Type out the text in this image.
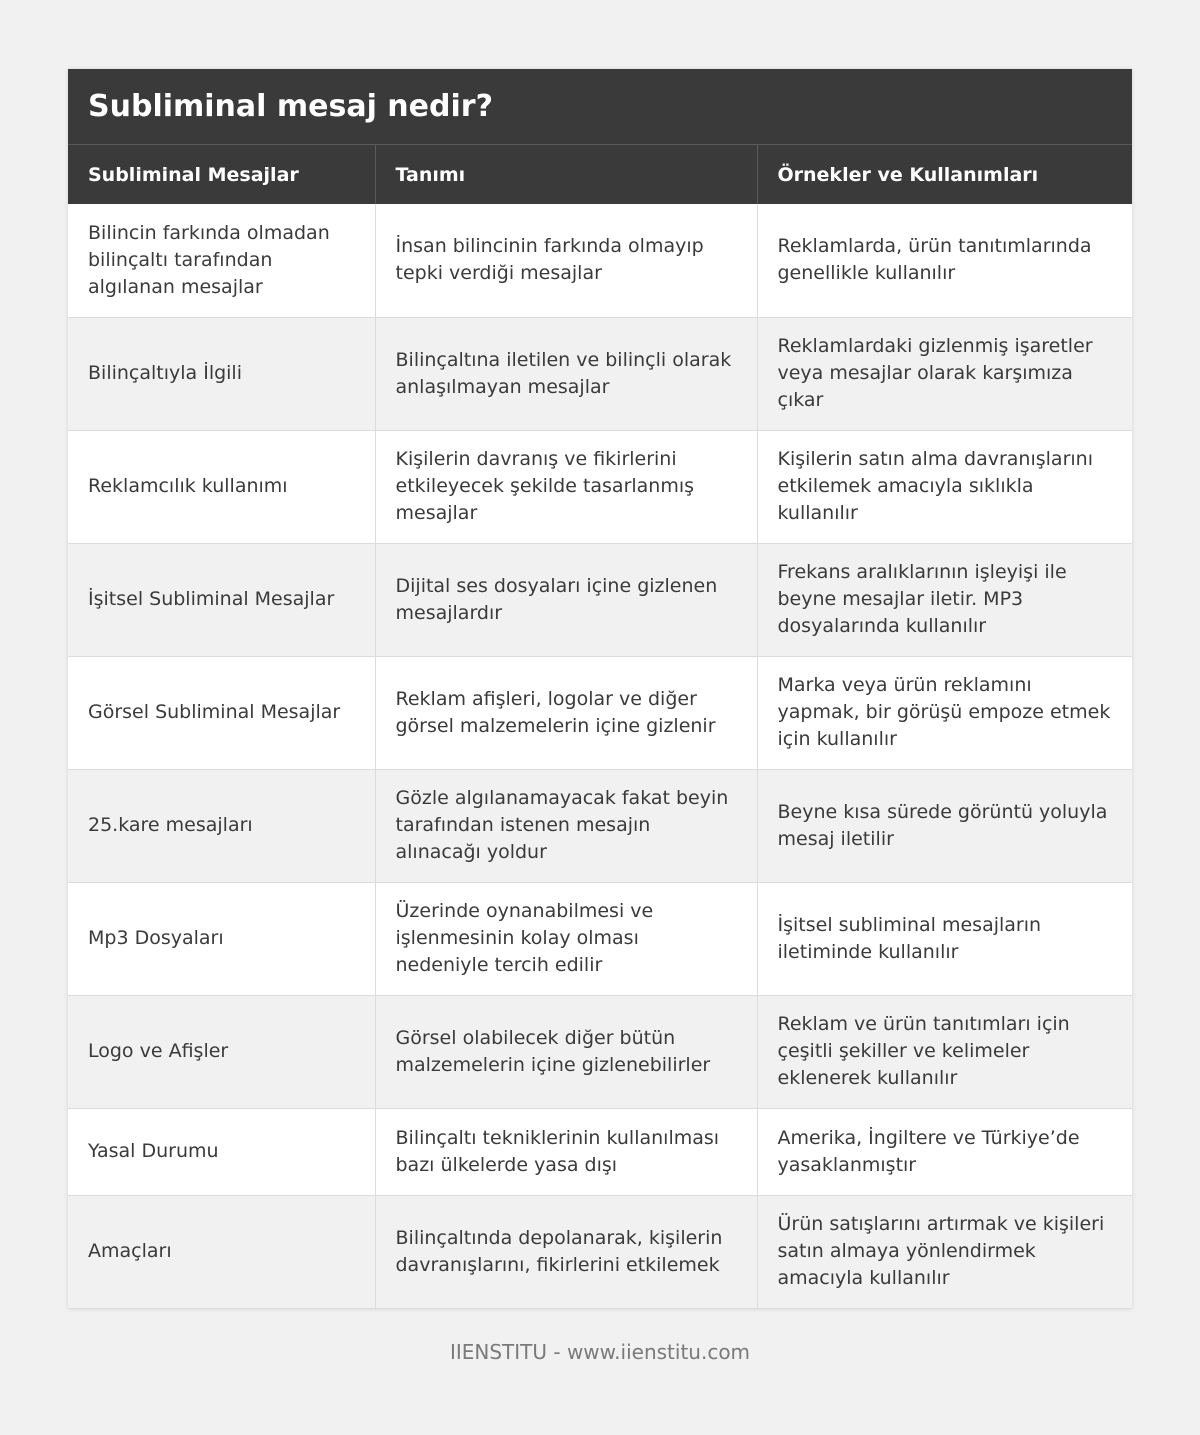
Subliminal mesaj nedir?
Subliminal Mesajlar	Tanımı	Örnekler ve Kullanımları
Bilincin farkında olmadan bilinçaltı tarafından algılanan mesajlar	İnsan bilincinin farkında olmayıp tepki verdiği mesajlar	Reklamlarda, ürün tanıtımlarında genellikle kullanılır
Bilinçaltıyla İlgili	Bilinçaltına iletilen ve bilinçli olarak anlaşılmayan mesajlar	Reklamlardaki gizlenmiş işaretler veya mesajlar olarak karşımıza çıkar
Reklamcılık kullanımı	Kişilerin davranış ve fikirlerini etkileyecek şekilde tasarlanmış mesajlar	Kişilerin satın alma davranışlarını etkilemek amacıyla sıklıkla kullanılır
İşitsel Subliminal Mesajlar	Dijital ses dosyaları içine gizlenen mesajlardır	Frekans aralıklarının işleyişi ile beyne mesajlar iletir. MP3 dosyalarında kullanılır
Görsel Subliminal Mesajlar	Reklam afişleri, logolar ve diğer görsel malzemelerin içine gizlenir	Marka veya ürün reklamını yapmak, bir görüşü empoze etmek için kullanılır
25.kare mesajları	Gözle algılanamayacak fakat beyin tarafından istenen mesajın alınacağı yoldur	Beyne kısa sürede görüntü yoluyla mesaj iletilir
Mp3 Dosyaları	Üzerinde oynanabilmesi ve işlenmesinin kolay olması nedeniyle tercih edilir	İşitsel subliminal mesajların iletiminde kullanılır
Logo ve Afişler	Görsel olabilecek diğer bütün malzemelerin içine gizlenebilirler	Reklam ve ürün tanıtımları için çeşitli şekiller ve kelimeler eklenerek kullanılır
Yasal Durumu	Bilinçaltı tekniklerinin kullanılması bazı ülkelerde yasa dışı	Amerika, İngiltere ve Türkiye’de yasaklanmıştır
Amaçları	Bilinçaltında depolanarak, kişilerin davranışlarını, fikirlerini etkilemek	Ürün satışlarını artırmak ve kişileri satın almaya yönlendirmek amacıyla kullanılır
IIENSTITU - www.iienstitu.com
